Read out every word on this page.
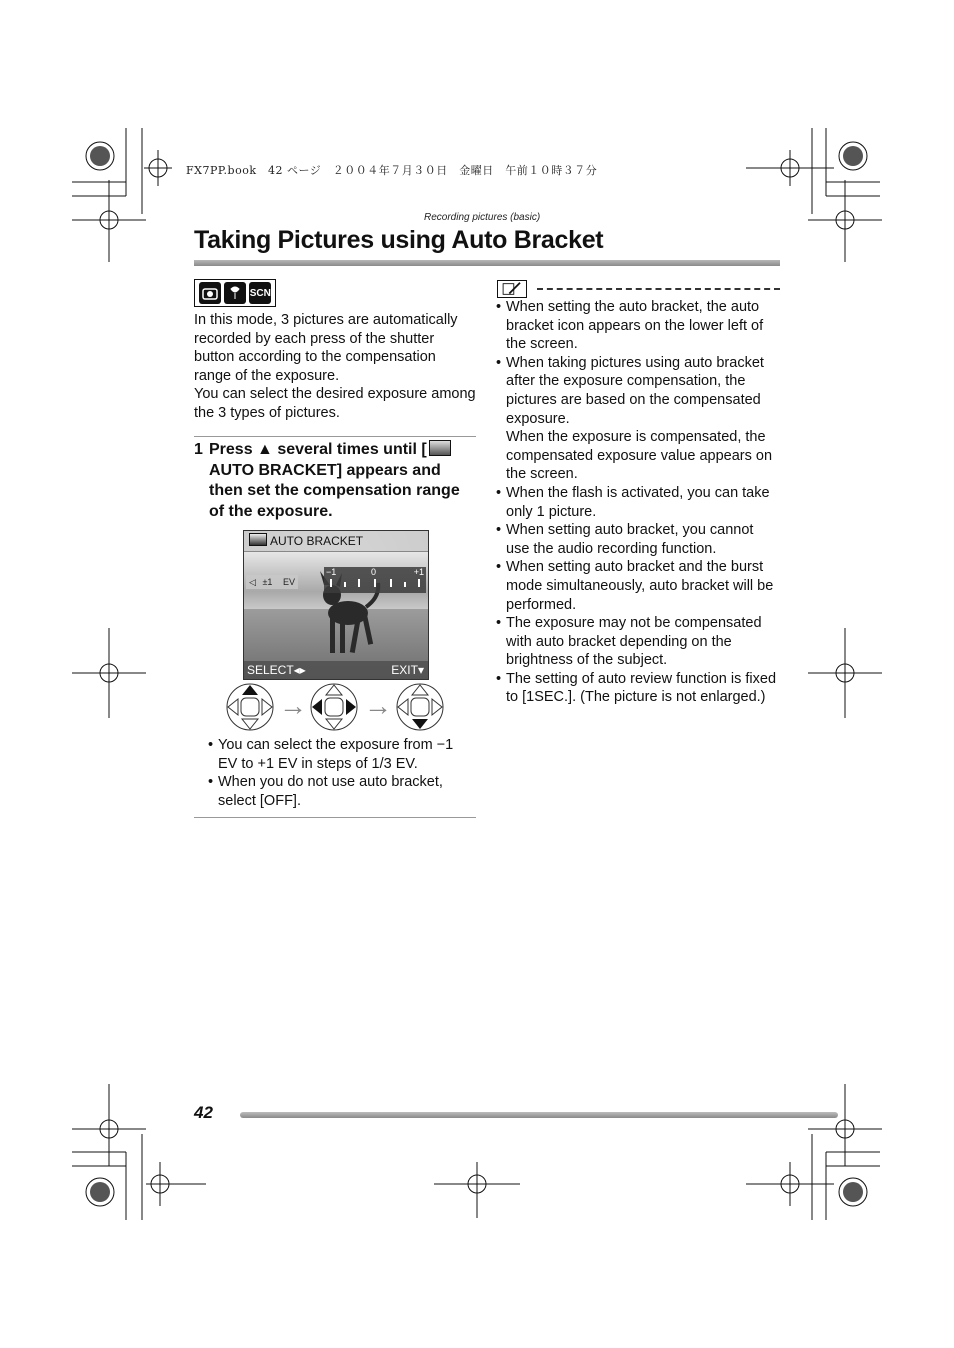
FX7PP.book　42 ページ　２００４年７月３０日　金曜日　午前１０時３７分
Recording pictures (basic)
Taking Pictures using Auto Bracket
SCN

In this mode, 3 pictures are automatically recorded by each press of the shutter button according to the compensation range of the exposure.

You can select the desired exposure among the 3 types of pictures.

1 Press ▲ several times until [ AUTO BRACKET] appears and then set the compensation range of the exposure.
AUTO BRACKET
◁ ±1 EV
−1	0	+1
SELECT◂▸	EXIT▾
→ →
• You can select the exposure from −1 EV to +1 EV in steps of 1/3 EV.
• When you do not use auto bracket, select [OFF].
• When setting the auto bracket, the auto bracket icon appears on the lower left of the screen.
• When taking pictures using auto bracket after the exposure compensation, the pictures are based on the compensated exposure.
When the exposure is compensated, the compensated exposure value appears on the screen.
• When the flash is activated, you can take only 1 picture.
• When setting auto bracket, you cannot use the audio recording function.
• When setting auto bracket and the burst mode simultaneously, auto bracket will be performed.
• The exposure may not be compensated with auto bracket depending on the brightness of the subject.
• The setting of auto review function is fixed to [1SEC.]. (The picture is not enlarged.)
42
